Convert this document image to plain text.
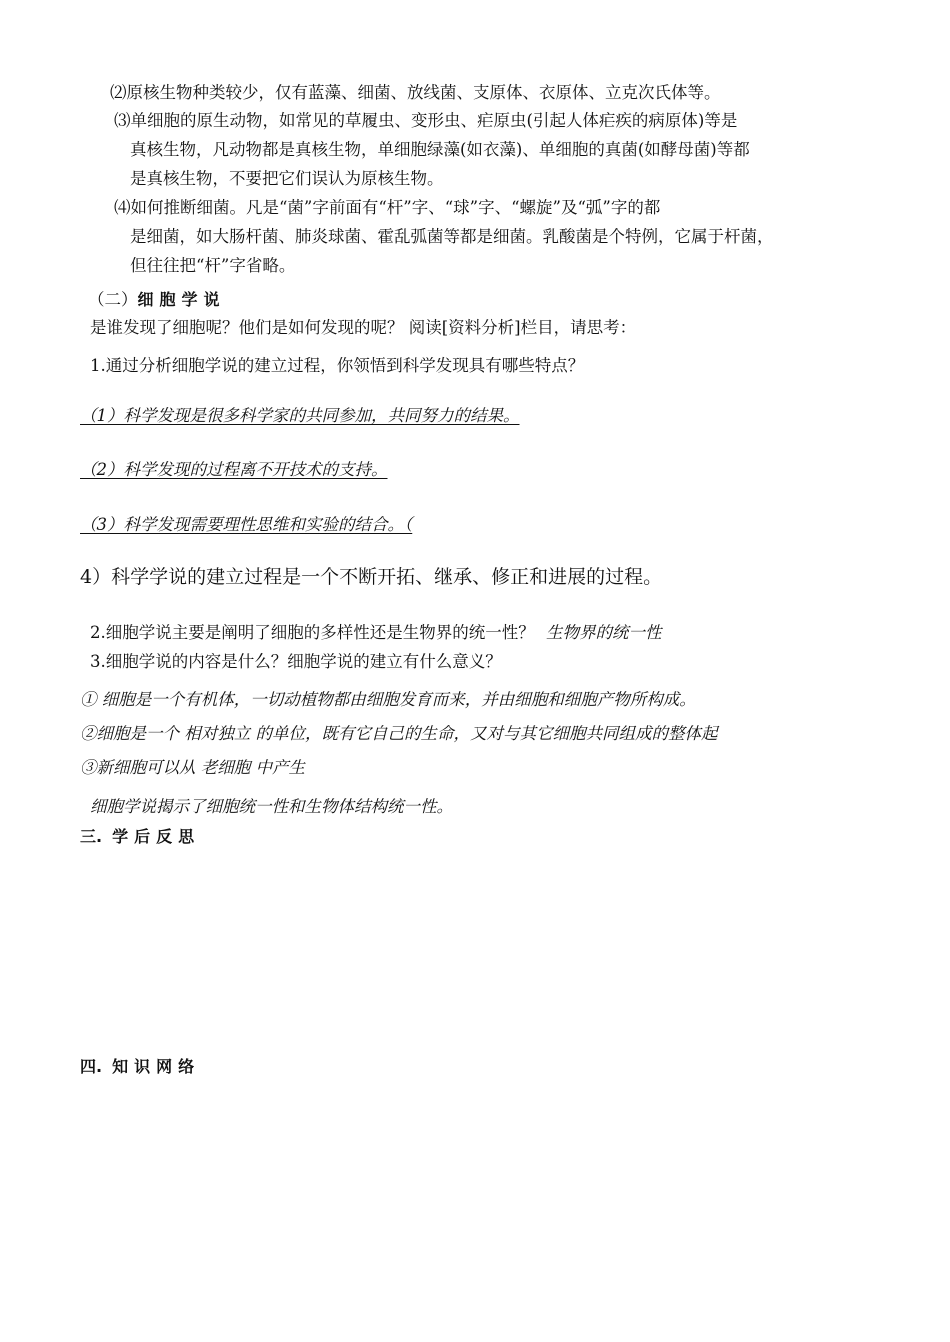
⑵原核生物种类较少，仅有蓝藻、细菌、放线菌、支原体、衣原体、立克次氏体等。
⑶单细胞的原生动物，如常见的草履虫、变形虫、疟原虫(引起人体疟疾的病原体)等是
真核生物，凡动物都是真核生物，单细胞绿藻(如衣藻)、单细胞的真菌(如酵母菌)等都
是真核生物，不要把它们误认为原核生物。
⑷如何推断细菌。凡是“菌”字前面有“杆”字、“球”字、“螺旋”及“弧”字的都
是细菌，如大肠杆菌、肺炎球菌、霍乱弧菌等都是细菌。乳酸菌是个特例，它属于杆菌，
但往往把“杆”字省略。
（二）细胞学说
是谁发现了细胞呢？他们是如何发现的呢？ 阅读[资料分析]栏目，请思考：
1.通过分析细胞学说的建立过程，你领悟到科学发现具有哪些特点？
（1）科学发现是很多科学家的共同参加，共同努力的结果。
（2）科学发现的过程离不开技术的支持。
（3）科学发现需要理性思维和实验的结合。（
4）科学学说的建立过程是一个不断开拓、继承、修正和进展的过程。
2.细胞学说主要是阐明了细胞的多样性还是生物界的统一性？ 生物界的统一性
3.细胞学说的内容是什么？细胞学说的建立有什么意义？
① 细胞是一个有机体，一切动植物都由细胞发育而来，并由细胞和细胞产物所构成。
②细胞是一个 相对独立 的单位，既有它自己的生命，又对与其它细胞共同组成的整体起
③新细胞可以从 老细胞 中产生
细胞学说揭示了细胞统一性和生物体结构统一性。
三. 学后反思
四. 知识网络
